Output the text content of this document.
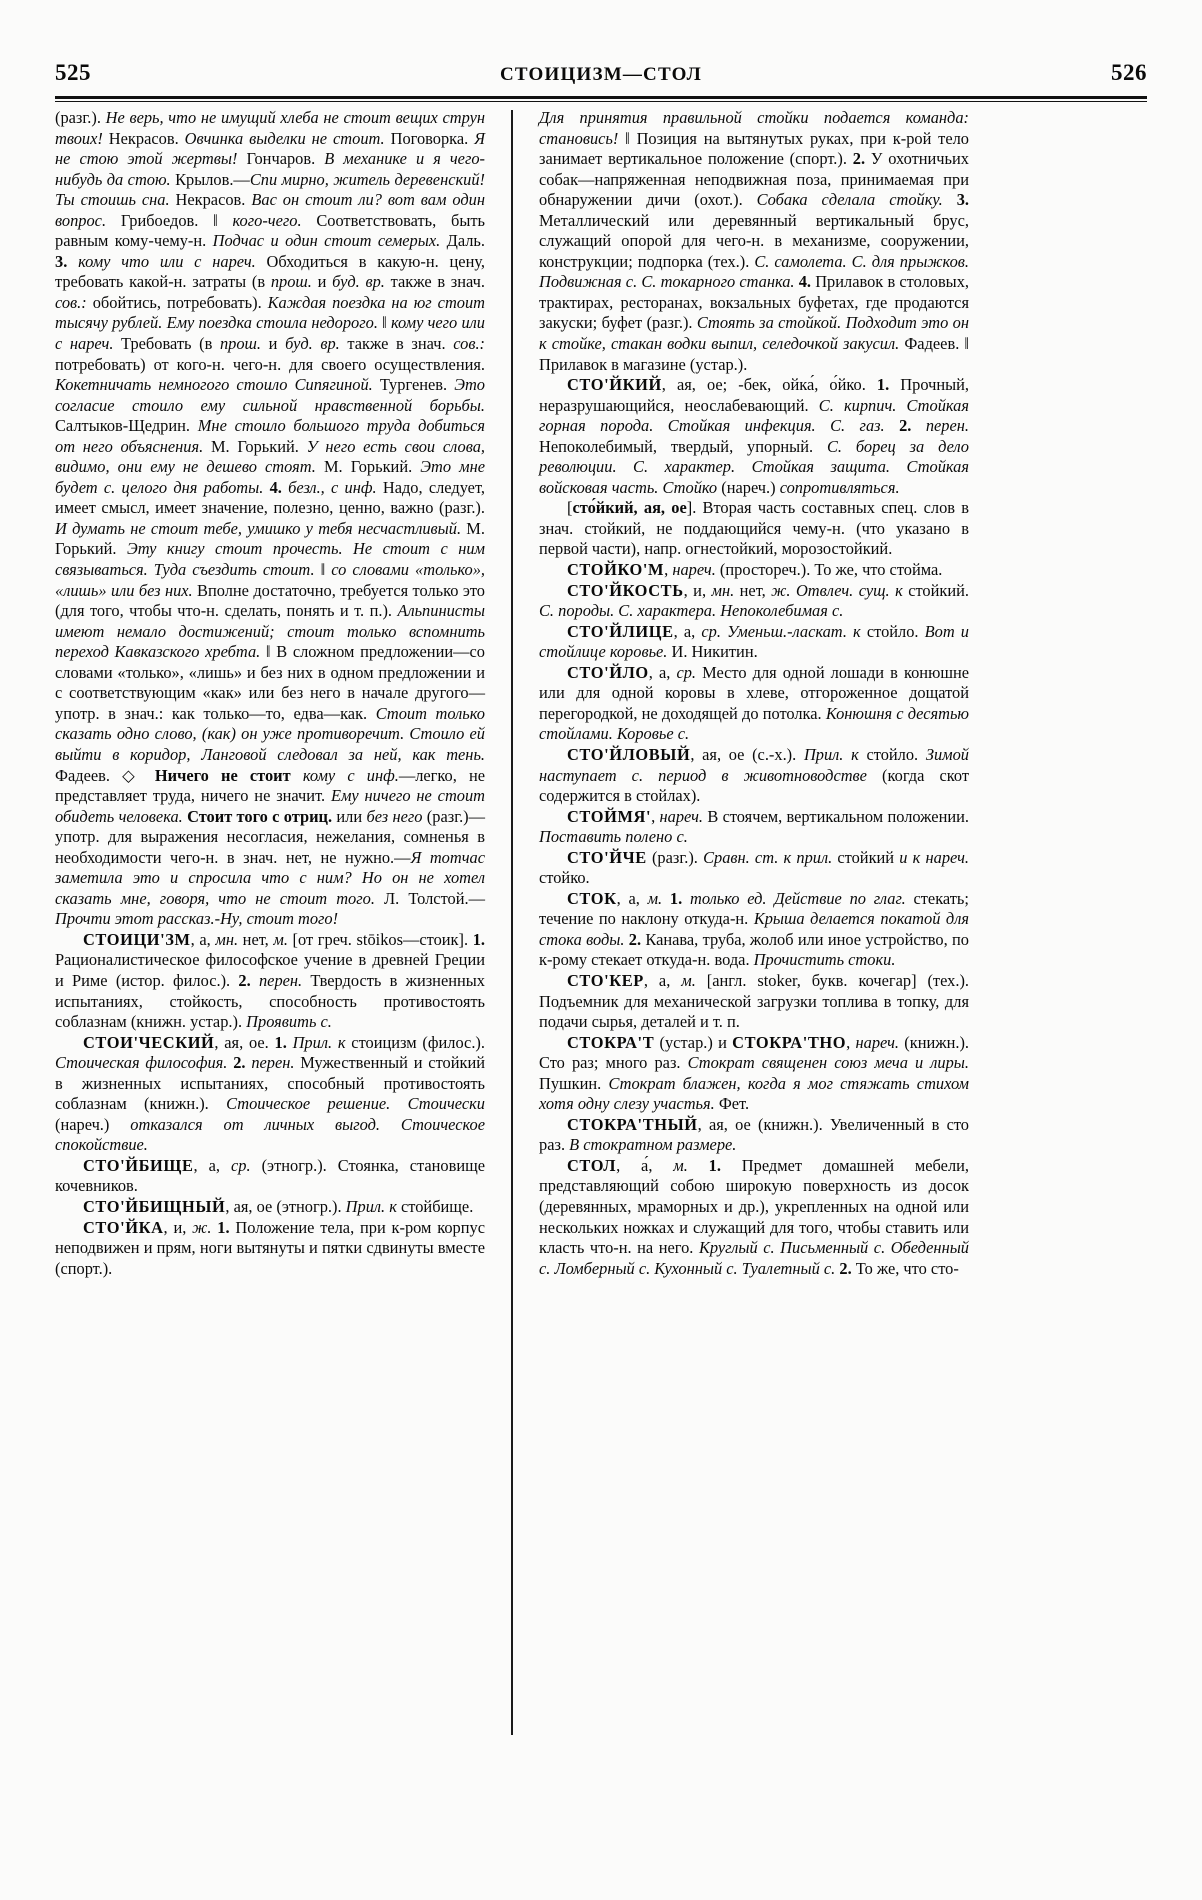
525	СТОИЦИЗМ—СТОЛ	526

(разг.). Не верь, что не имущий хлеба не стоит вещих струн твоих! Некрасов. Овчинка выделки не стоит. Поговорка. Я не стою этой жертвы! Гончаров. В механике и я чего-нибудь да стою. Крылов.—Спи мирно, житель деревенский! Ты стоишь сна. Некрасов. Вас он стоит ли? вот вам один вопрос. Грибоедов. ǁ кого-чего. Соответствовать, быть равным кому-чему-н. Подчас и один стоит семерых. Даль. 3. кому что или с нареч. Обходиться в какую-н. цену, требовать какой-н. затраты (в прош. и буд. вр. также в знач. сов.: обойтись, потребовать). Каждая поездка на юг стоит тысячу рублей. Ему поездка стоила недорого. ǁ кому чего или с нареч. Требовать (в прош. и буд. вр. также в знач. сов.: потребовать) от кого-н. чего-н. для своего осуществления. Кокетничать немногого стоило Сипягиной. Тургенев. Это согласие стоило ему сильной нравственной борьбы. Салтыков-Щедрин. Мне стоило большого труда добиться от него объяснения. М. Горький. У него есть свои слова, видимо, они ему не дешево стоят. М. Горький. Это мне будет с. целого дня работы. 4. безл., с инф. Надо, следует, имеет смысл, имеет значение, полезно, ценно, важно (разг.). И думать не стоит тебе, умишко у тебя несчастливый. М. Горький. Эту книгу стоит прочесть. Не стоит с ним связываться. Туда съездить стоит. ǁ со словами «только», «лишь» или без них. Вполне достаточно, требуется только это (для того, чтобы что-н. сделать, понять и т. п.). Альпинисты имеют немало достижений; стоит только вспомнить переход Кавказского хребта. ǁ В сложном предложении—со словами «только», «лишь» и без них в одном предложении и с соответствующим «как» или без него в начале другого—употр. в знач.: как только—то, едва—как. Стоит только сказать одно слово, (как) он уже противоречит. Стоило ей выйти в коридор, Ланговой следовал за ней, как тень. Фадеев. ◇ Ничего не стоит кому с инф.—легко, не представляет труда, ничего не значит. Ему ничего не стоит обидеть человека. Стоит того с отриц. или без него (разг.)—употр. для выражения несогласия, нежелания, сомненья в необходимости чего-н. в знач. нет, не нужно.—Я тотчас заметила это и спросила что с ним? Но он не хотел сказать мне, говоря, что не стоит того. Л. Толстой.—Прочти этот рассказ.-Ну, стоит того!

СТОИЦИ'ЗМ, а, мн. нет, м. [от греч. stōikos—стоик]. 1. Рационалистическое философское учение в древней Греции и Риме (истор. филос.). 2. перен. Твердость в жизненных испытаниях, стойкость, способность противостоять соблазнам (книжн. устар.). Проявить с.

СТОИ'ЧЕСКИЙ, ая, ое. 1. Прил. к стоицизм (филос.). Стоическая философия. 2. перен. Мужественный и стойкий в жизненных испытаниях, способный противостоять соблазнам (книжн.). Стоическое решение. Стоически (нареч.) отказался от личных выгод. Стоическое спокойствие.

СТО'ЙБИЩЕ, а, ср. (этногр.). Стоянка, становище кочевников.

СТО'ЙБИЩНЫЙ, ая, ое (этногр.). Прил. к стойбище.

СТО'ЙКА, и, ж. 1. Положение тела, при к-ром корпус неподвижен и прям, ноги вытянуты и пятки сдвинуты вместе (спорт.).

Для принятия правильной стойки подается команда: становись! ǁ Позиция на вытянутых руках, при к-рой тело занимает вертикальное положение (спорт.). 2. У охотничьих собак—напряженная неподвижная поза, принимаемая при обнаружении дичи (охот.). Собака сделала стойку. 3. Металлический или деревянный вертикальный брус, служащий опорой для чего-н. в механизме, сооружении, конструкции; подпорка (тех.). С. самолета. С. для прыжков. Подвижная с. С. токарного станка. 4. Прилавок в столовых, трактирах, ресторанах, вокзальных буфетах, где продаются закуски; буфет (разг.). Стоять за стойкой. Подходит это он к стойке, стакан водки выпил, селедочкой закусил. Фадеев. ǁ Прилавок в магазине (устар.).

СТО'ЙКИЙ, ая, ое; -бек, ойка́, о́йко. 1. Прочный, неразрушающийся, неослабевающий. С. кирпич. Стойкая горная порода. Стойкая инфекция. С. газ. 2. перен. Непоколебимый, твердый, упорный. С. борец за дело революции. С. характер. Стойкая защита. Стойкая войсковая часть. Стойко (нареч.) сопротивляться.

[сто́йкий, ая, ое]. Вторая часть составных спец. слов в знач. стойкий, не поддающийся чему-н. (что указано в первой части), напр. огнестойкий, морозостойкий.

СТОЙКО'М, нареч. (простореч.). То же, что стойма.

СТО'ЙКОСТЬ, и, мн. нет, ж. Отвлеч. сущ. к стойкий. С. породы. С. характера. Непоколебимая с.

СТО'ЙЛИЦЕ, а, ср. Уменьш.-ласкат. к стойло. Вот и стойлице коровье. И. Никитин.

СТО'ЙЛО, а, ср. Место для одной лошади в конюшне или для одной коровы в хлеве, отгороженное дощатой перегородкой, не доходящей до потолка. Конюшня с десятью стойлами. Коровье с.

СТО'ЙЛОВЫЙ, ая, ое (с.-х.). Прил. к стойло. Зимой наступает с. период в животноводстве (когда скот содержится в стойлах).

СТОЙМЯ', нареч. В стоячем, вертикальном положении. Поставить полено с.

СТО'ЙЧЕ (разг.). Сравн. ст. к прил. стойкий и к нареч. стойко.

СТОК, а, м. 1. только ед. Действие по глаг. стекать; течение по наклону откуда-н. Крыша делается покатой для стока воды. 2. Канава, труба, жолоб или иное устройство, по к-рому стекает откуда-н. вода. Прочистить стоки.

СТО'КЕР, а, м. [англ. stoker, букв. кочегар] (тех.). Подъемник для механической загрузки топлива в топку, для подачи сырья, деталей и т. п.

СТОКРА'Т (устар.) и СТОКРА'ТНО, нареч. (книжн.). Сто раз; много раз. Стократ священен союз меча и лиры. Пушкин. Стократ блажен, когда я мог стяжать стихом хотя одну слезу участья. Фет.

СТОКРА'ТНЫЙ, ая, ое (книжн.). Увеличенный в сто раз. В стократном размере.

СТОЛ, а́, м. 1. Предмет домашней мебели, представляющий собою широкую поверхность из досок (деревянных, мраморных и др.), укрепленных на одной или нескольких ножках и служащий для того, чтобы ставить или класть что-н. на него. Круглый с. Письменный с. Обеденный с. Ломберный с. Кухонный с. Туалетный с. 2. То же, что сто-
